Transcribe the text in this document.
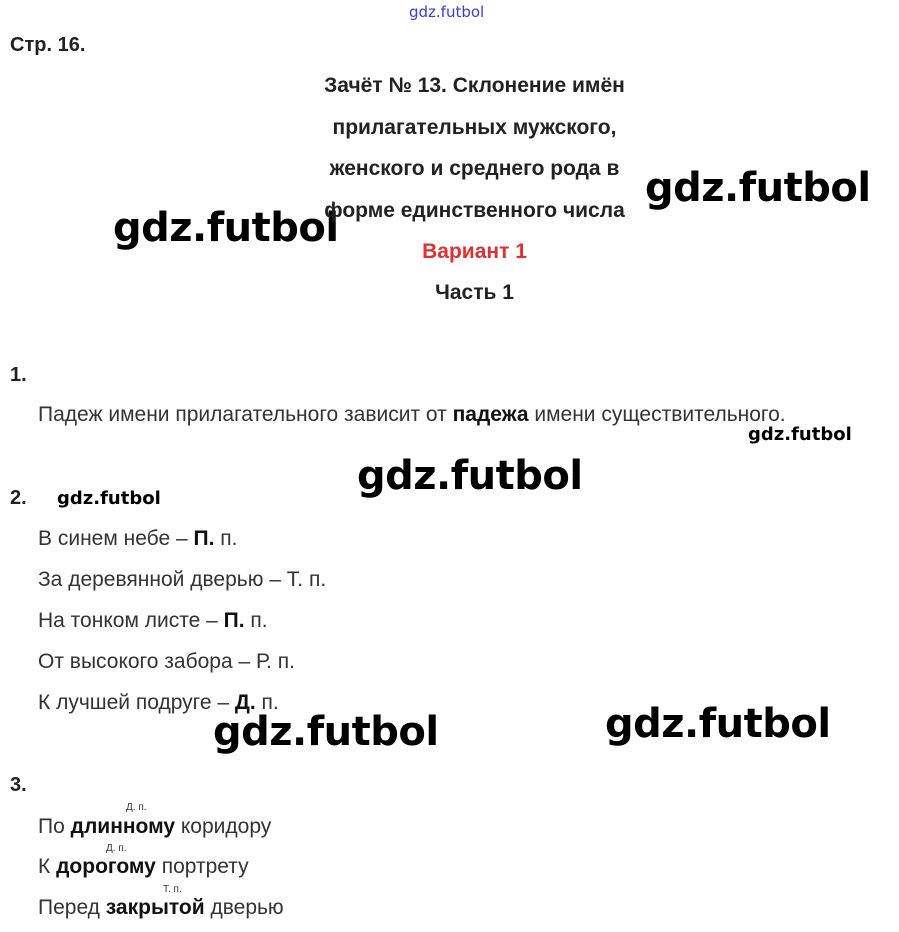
gdz.futbol
gdz.futbol
gdz.futbol
gdz.futbol
gdz.futbol	gdz.futbol
gdz.futbol
gdz.futbol
Стр. 16.
Зачёт № 13. Склонение имён
прилагательных мужского,
женского и среднего рода в
форме единственного числа
Вариант 1
Часть 1
1.
Падеж имени прилагательного зависит от падежа имени существительного.
2.
В синем небе – П. п.
За деревянной дверью – Т. п.
На тонком листе – П. п.
От высокого забора – Р. п.
К лучшей подруге – Д. п.
3.
Д. п.
По длинному коридору
Д. п.
К дорогому портрету
Т. п.
Перед закрытой дверью
